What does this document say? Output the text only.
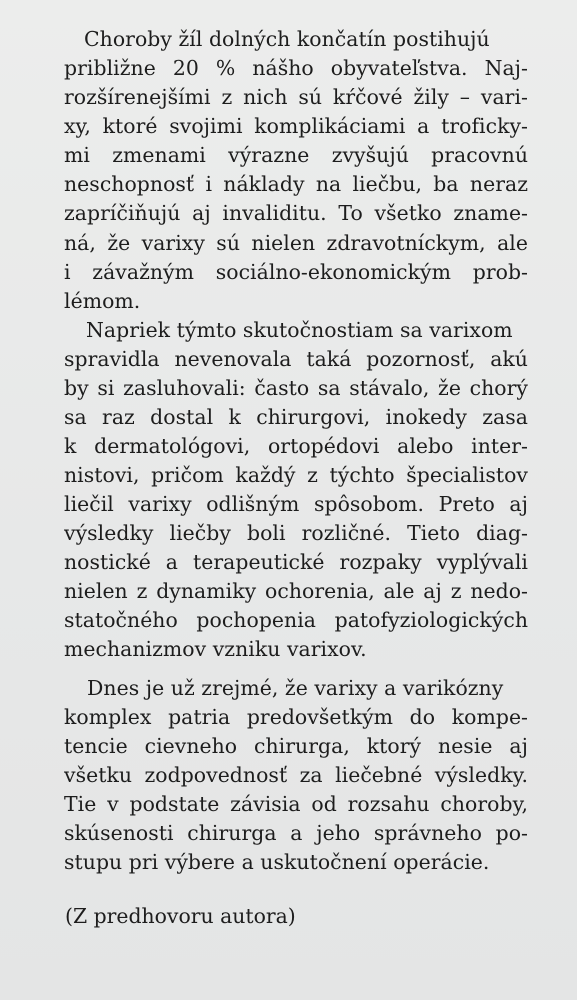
Choroby žíl dolných končatín postihujú
približne 20 % nášho obyvateľstva. Naj-
rozšírenejšími z nich sú kŕčové žily – vari-
xy, ktoré svojimi komplikáciami a troficky-
mi zmenami výrazne zvyšujú pracovnú
neschopnosť i náklady na liečbu, ba neraz
zapríčiňujú aj invaliditu. To všetko zname-
ná, že varixy sú nielen zdravotníckym, ale
i závažným sociálno-ekonomickým prob-
lémom.
Napriek týmto skutočnostiam sa varixom
spravidla nevenovala taká pozornosť, akú
by si zasluhovali: často sa stávalo, že chorý
sa raz dostal k chirurgovi, inokedy zasa
k dermatológovi, ortopédovi alebo inter-
nistovi, pričom každý z týchto špecialistov
liečil varixy odlišným spôsobom. Preto aj
výsledky liečby boli rozličné. Tieto diag-
nostické a terapeutické rozpaky vyplývali
nielen z dynamiky ochorenia, ale aj z nedo-
statočného pochopenia patofyziologických
mechanizmov vzniku varixov.
Dnes je už zrejmé, že varixy a varikózny
komplex patria predovšetkým do kompe-
tencie cievneho chirurga, ktorý nesie aj
všetku zodpovednosť za liečebné výsledky.
Tie v podstate závisia od rozsahu choroby,
skúsenosti chirurga a jeho správneho po-
stupu pri výbere a uskutočnení operácie.
(Z predhovoru autora)
